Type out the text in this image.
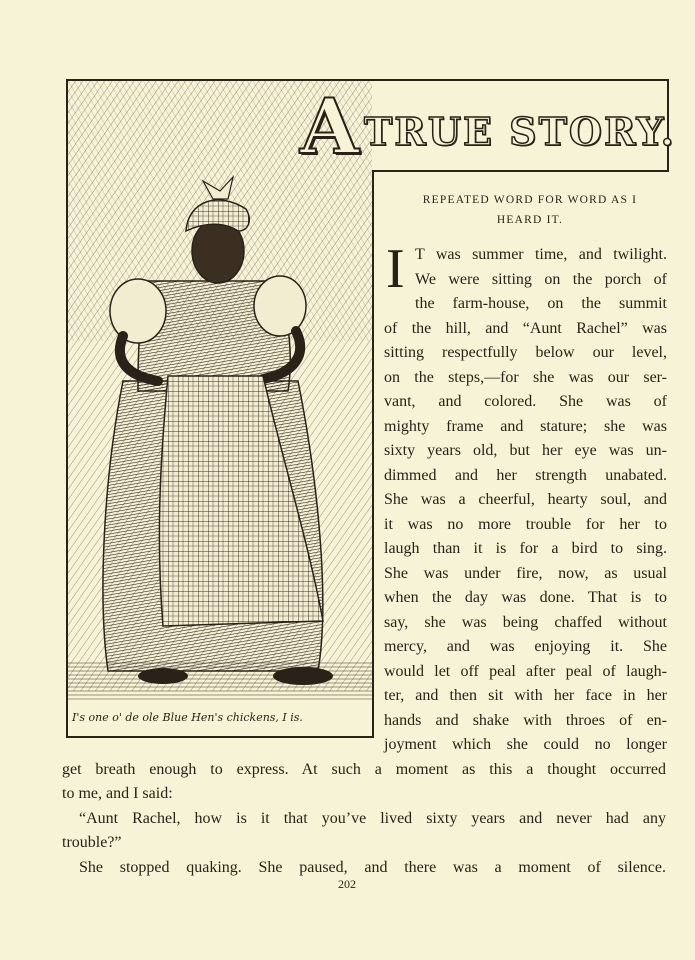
I's one o' de ole Blue Hen's chickens, I is.
A TRUE STORY.
REPEATED WORD FOR WORD AS I
HEARD IT.
I T was summer time, and twilight.
We were sitting on the porch of
the farm-house, on the summit
of the hill, and “Aunt Rachel” was
sitting respectfully below our level,
on the steps,—for she was our ser-
vant, and colored. She was of
mighty frame and stature; she was
sixty years old, but her eye was un-
dimmed and her strength unabated.
She was a cheerful, hearty soul, and
it was no more trouble for her to
laugh than it is for a bird to sing.
She was under fire, now, as usual
when the day was done. That is to
say, she was being chaffed without
mercy, and was enjoying it. She
would let off peal after peal of laugh-
ter, and then sit with her face in her
hands and shake with throes of en-
joyment which she could no longer
get breath enough to express. At such a moment as this a thought occurred
to me, and I said:
“Aunt Rachel, how is it that you’ve lived sixty years and never had any
trouble?”
She stopped quaking. She paused, and there was a moment of silence.
202
